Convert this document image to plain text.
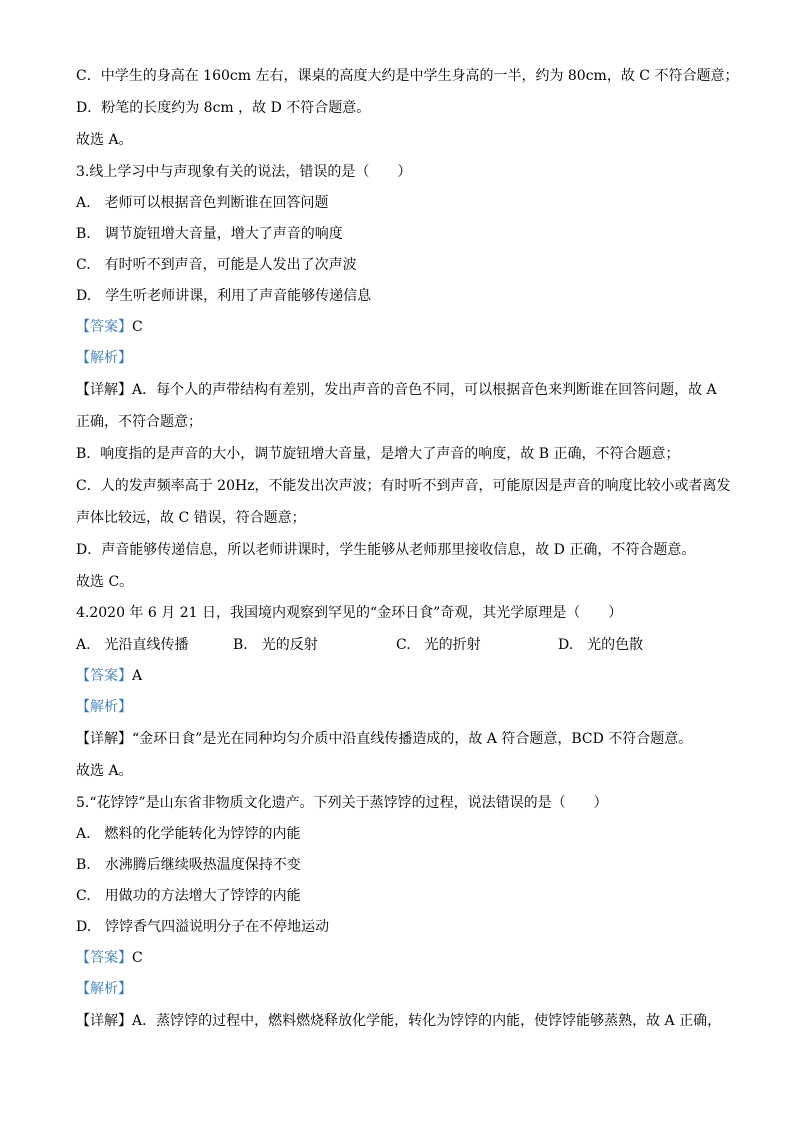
C．中学生的身高在 160cm 左右，课桌的高度大约是中学生身高的一半，约为 80cm，故 C 不符合题意；
D．粉笔的长度约为 8cm ，故 D 不符合题意。
故选 A。
3.线上学习中与声现象有关的说法，错误的是（　　）
A.　老师可以根据音色判断谁在回答问题
B.　调节旋钮增大音量，增大了声音的响度
C.　有时听不到声音，可能是人发出了次声波
D.　学生听老师讲课，利用了声音能够传递信息
【答案】C
【解析】
【详解】A．每个人的声带结构有差别，发出声音的音色不同，可以根据音色来判断谁在回答问题，故 A
正确，不符合题意；
B．响度指的是声音的大小，调节旋钮增大音量，是增大了声音的响度，故 B 正确，不符合题意；
C．人的发声频率高于 20Hz，不能发出次声波；有时听不到声音，可能原因是声音的响度比较小或者离发
声体比较远，故 C 错误，符合题意；
D．声音能够传递信息，所以老师讲课时，学生能够从老师那里接收信息，故 D 正确，不符合题意。
故选 C。
4.2020 年 6 月 21 日，我国境内观察到罕见的“金环日食”奇观，其光学原理是（　　）
A.　光沿直线传播	B.　光的反射	C.　光的折射	D.　光的色散
【答案】A
【解析】
【详解】“金环日食”是光在同种均匀介质中沿直线传播造成的，故 A 符合题意，BCD 不符合题意。
故选 A。
5.“花饽饽”是山东省非物质文化遗产。下列关于蒸饽饽的过程，说法错误的是（　　）
A.　燃料的化学能转化为饽饽的内能
B.　水沸腾后继续吸热温度保持不变
C.　用做功的方法增大了饽饽的内能
D.　饽饽香气四溢说明分子在不停地运动
【答案】C
【解析】
【详解】A．蒸饽饽的过程中，燃料燃烧释放化学能，转化为饽饽的内能，使饽饽能够蒸熟，故 A 正确，
